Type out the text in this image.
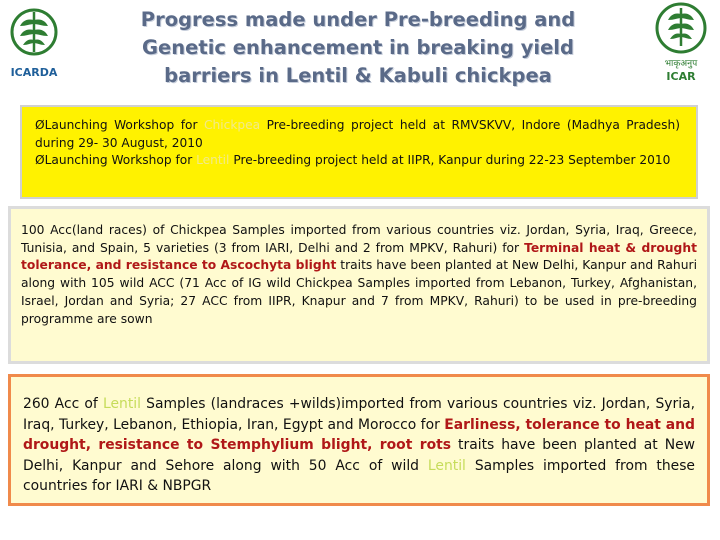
ICARDA
भाकृअनुप
ICAR
Progress made under Pre-breeding and
Genetic enhancement in breaking yield
barriers in Lentil & Kabuli chickpea

ØLaunching Workshop for Chickpea Pre-breeding project held at RMVSKVV, Indore (Madhya Pradesh) during 29- 30 August, 2010

ØLaunching Workshop for Lentil Pre-breeding project held at IIPR, Kanpur during 22-23 September 2010

100 Acc(land races) of Chickpea Samples imported from various countries viz. Jordan, Syria, Iraq, Greece, Tunisia, and Spain, 5 varieties (3 from IARI, Delhi and 2 from MPKV, Rahuri) for Terminal heat & drought tolerance, and resistance to Ascochyta blight traits have been planted at New Delhi, Kanpur and Rahuri along with 105 wild ACC (71 Acc of IG wild Chickpea Samples imported from Lebanon, Turkey, Afghanistan, Israel, Jordan and Syria; 27 ACC from IIPR, Knapur and 7 from MPKV, Rahuri) to be used in pre-breeding programme are sown

260 Acc of Lentil Samples (landraces +wilds)imported from various countries viz. Jordan, Syria, Iraq, Turkey, Lebanon, Ethiopia, Iran, Egypt and Morocco for Earliness, tolerance to heat and drought, resistance to Stemphylium blight, root rots traits have been planted at New Delhi, Kanpur and Sehore along with 50 Acc of wild Lentil Samples imported from these countries for IARI & NBPGR
